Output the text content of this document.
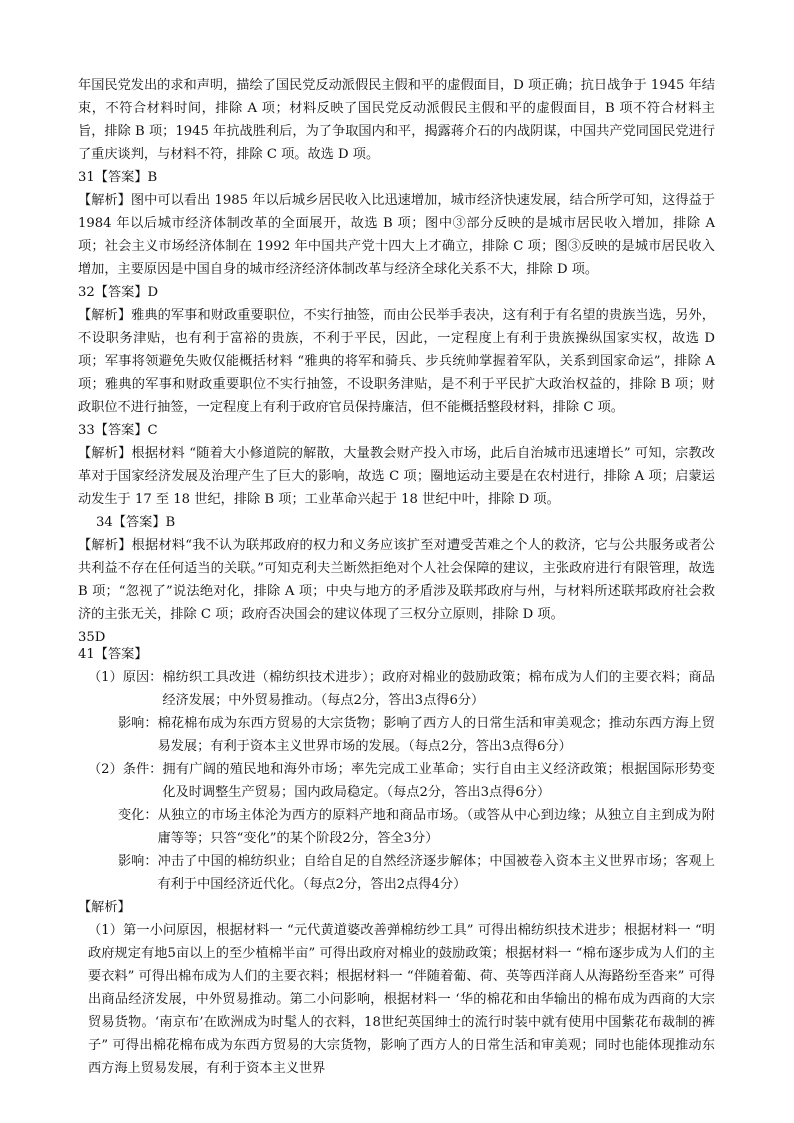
年国民党发出的求和声明，描绘了国民党反动派假民主假和平的虚假面目，D 项正确；抗日战争于 1945 年结束，不符合材料时间，排除 A 项；材料反映了国民党反动派假民主假和平的虚假面目，B 项不符合材料主旨，排除 B 项；1945 年抗战胜利后，为了争取国内和平，揭露蒋介石的内战阴谋，中国共产党同国民党进行了重庆谈判，与材料不符，排除 C 项。故选 D 项。

31【答案】B

【解析】图中可以看出 1985 年以后城乡居民收入比迅速增加，城市经济快速发展，结合所学可知，这得益于 1984 年以后城市经济体制改革的全面展开，故选 B 项；图中③部分反映的是城市居民收入增加，排除 A 项；社会主义市场经济体制在 1992 年中国共产党十四大上才确立，排除 C 项；图③反映的是城市居民收入增加，主要原因是中国自身的城市经济经济体制改革与经济全球化关系不大，排除 D 项。

32【答案】D

【解析】雅典的军事和财政重要职位，不实行抽签，而由公民举手表决，这有利于有名望的贵族当选，另外，不设职务津贴，也有利于富裕的贵族，不利于平民，因此，一定程度上有利于贵族操纵国家实权，故选 D 项；军事将领避免失败仅能概括材料 “雅典的将军和骑兵、步兵统帅掌握着军队，关系到国家命运”，排除 A 项；雅典的军事和财政重要职位不实行抽签，不设职务津贴，是不利于平民扩大政治权益的，排除 B 项；财政职位不进行抽签，一定程度上有利于政府官员保持廉洁，但不能概括整段材料，排除 C 项。

33【答案】C

【解析】根据材料 “随着大小修道院的解散，大量教会财产投入市场，此后自治城市迅速增长” 可知，宗教改革对于国家经济发展及治理产生了巨大的影响，故选 C 项；圈地运动主要是在农村进行，排除 A 项；启蒙运动发生于 17 至 18 世纪，排除 B 项；工业革命兴起于 18 世纪中叶，排除 D 项。

34【答案】B

【解析】根据材料“我不认为联邦政府的权力和义务应该扩至对遭受苦难之个人的救济，它与公共服务或者公共利益不存在任何适当的关联。”可知克利夫兰断然拒绝对个人社会保障的建议，主张政府进行有限管理，故选 B 项；“忽视了”说法绝对化，排除 A 项；中央与地方的矛盾涉及联邦政府与州，与材料所述联邦政府社会救济的主张无关，排除 C 项；政府否决国会的建议体现了三权分立原则，排除 D 项。

35D

41【答案】

（1）原因： 棉纺织工具改进（棉纺织技术进步）；政府对棉业的鼓励政策；棉布成为人们的主要衣料；商品经济发展；中外贸易推动。（每点2分，答出3点得6分）
影响： 棉花棉布成为东西方贸易的大宗货物；影响了西方人的日常生活和审美观念；推动东西方海上贸易发展；有利于资本主义世界市场的发展。（每点2分，答出3点得6分）
（2）条件： 拥有广阔的殖民地和海外市场；率先完成工业革命；实行自由主义经济政策；根据国际形势变化及时调整生产贸易；国内政局稳定。（每点2分，答出3点得6分）
变化： 从独立的市场主体沦为西方的原料产地和商品市场。（或答从中心到边缘；从独立自主到成为附庸等等；只答“变化”的某个阶段2分，答全3分）
影响： 冲击了中国的棉纺织业；自给自足的自然经济逐步解体；中国被卷入资本主义世界市场；客观上有利于中国经济近代化。（每点2分，答出2点得4分）

【解析】

（1）第一小问原因，根据材料一 “元代黄道婆改善弹棉纺纱工具” 可得出棉纺织技术进步；根据材料一 “明政府规定有地5亩以上的至少植棉半亩” 可得出政府对棉业的鼓励政策；根据材料一 “棉布逐步成为人们的主要衣料” 可得出棉布成为人们的主要衣料；根据材料一 “伴随着葡、荷、英等西洋商人从海路纷至沓来” 可得出商品经济发展，中外贸易推动。第二小问影响，根据材料一 ‘华的棉花和由华输出的棉布成为西商的大宗贸易货物。‘南京布’在欧洲成为时髦人的衣料，18世纪英国绅士的流行时装中就有使用中国紫花布裁制的裤子” 可得出棉花棉布成为东西方贸易的大宗货物，影响了西方人的日常生活和审美观；同时也能体现推动东西方海上贸易发展，有利于资本主义世界
